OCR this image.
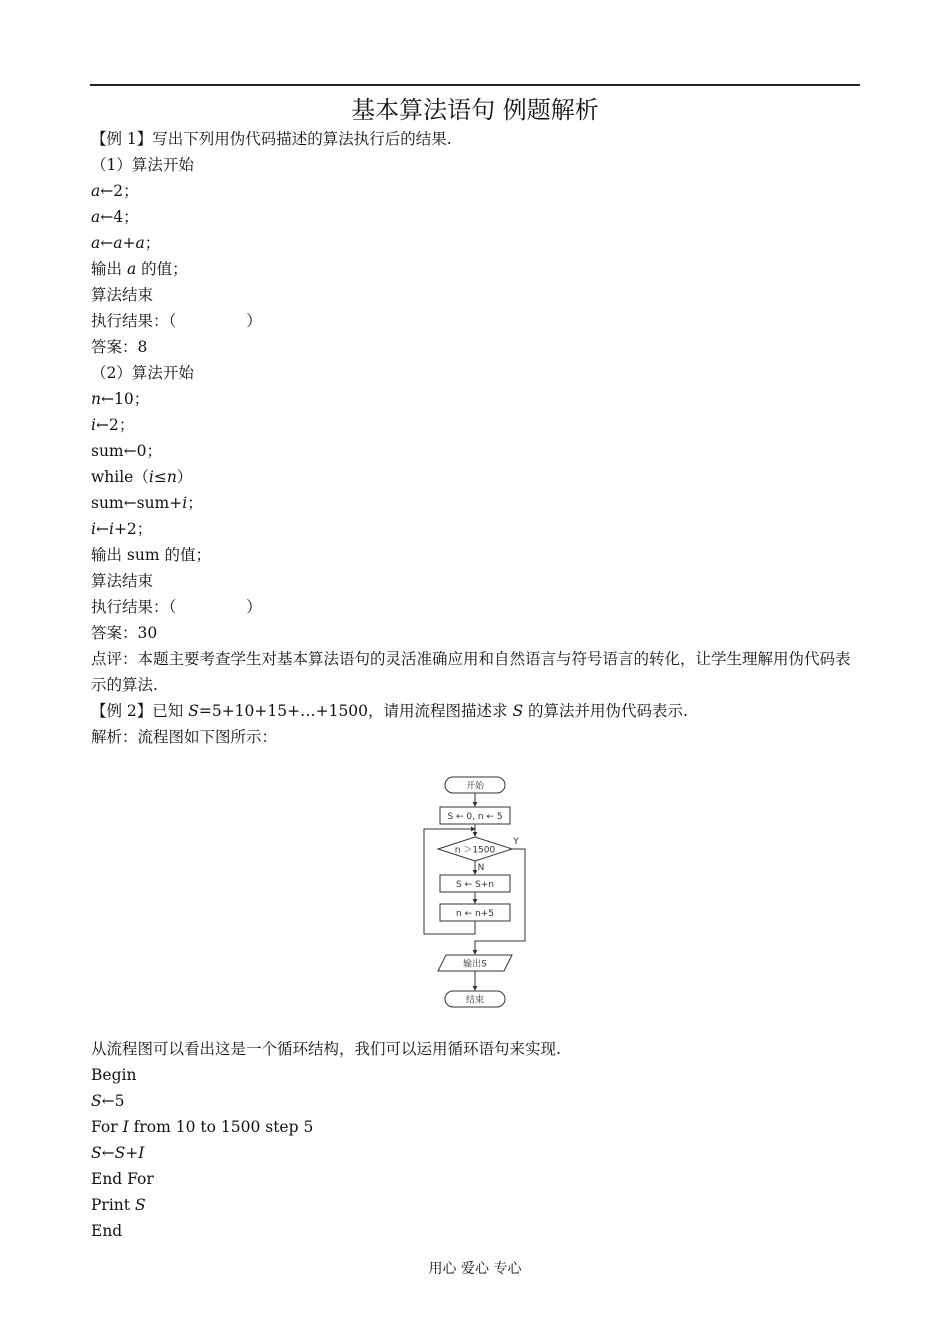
基本算法语句 例题解析
【例 1】写出下列用伪代码描述的算法执行后的结果.
（1）算法开始
a←2；
a←4；
a←a+a；
输出 a 的值；
算法结束
执行结果：（	）
答案：8
（2）算法开始
n←10；
i←2；
sum←0；
while（i≤n）
sum←sum+i；
i←i+2；
输出 sum 的值；
算法结束
执行结果：（	）
答案：30
点评：本题主要考查学生对基本算法语句的灵活准确应用和自然语言与符号语言的转化，让学生理解用伪代码表示的算法.
【例 2】已知 S=5+10+15+…+1500，请用流程图描述求 S 的算法并用伪代码表示.
解析：流程图如下图所示：
开始
S ← 0, n ← 5
n ＞1500
Y
N
S ← S+n
n ← n+5
输出S
结束
从流程图可以看出这是一个循环结构，我们可以运用循环语句来实现.
Begin
S←5
For I from 10 to 1500 step 5
S←S+I
End For
Print S
End
用心 爱心 专心
